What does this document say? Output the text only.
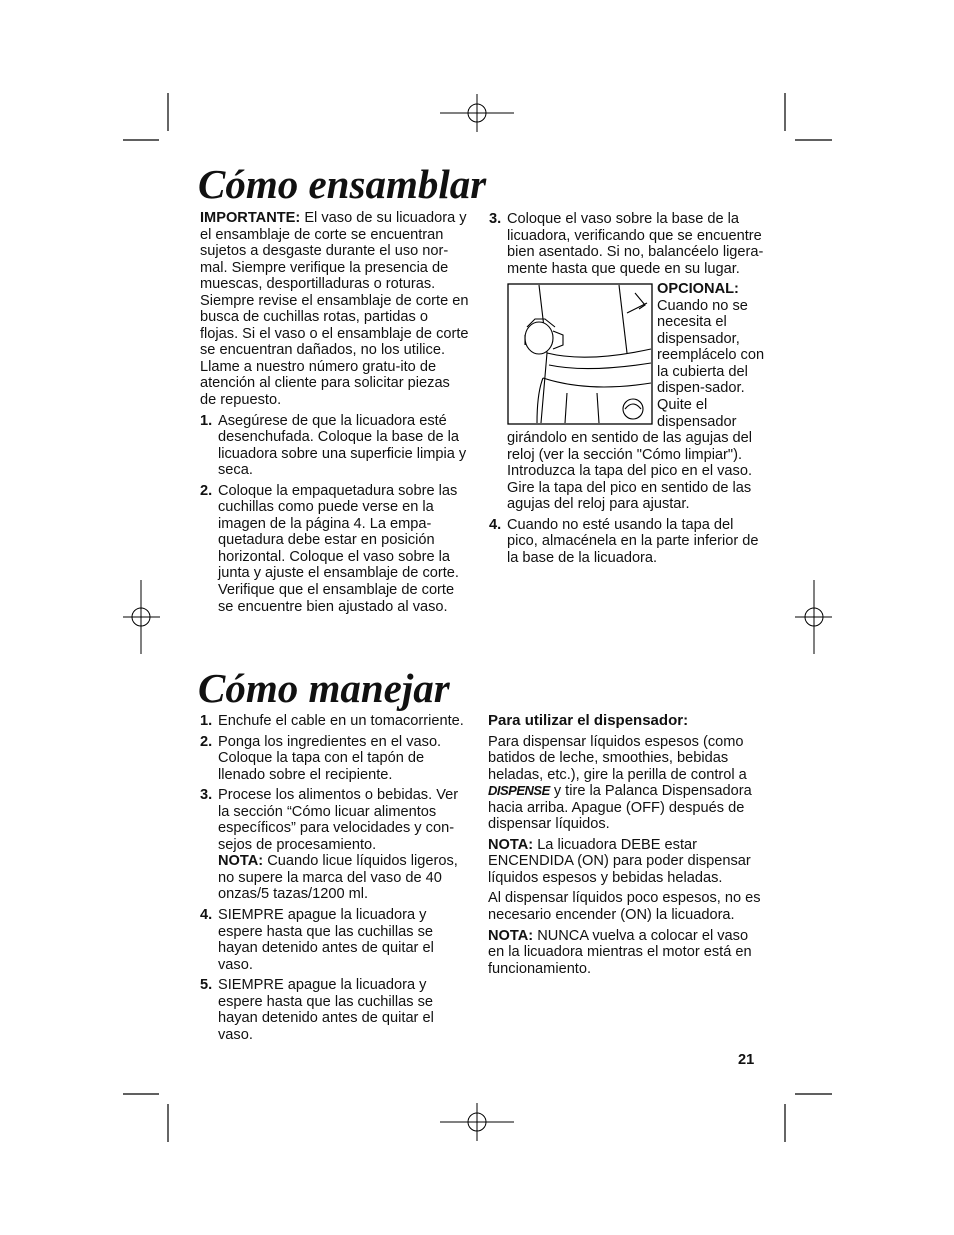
Cómo ensamblar

IMPORTANTE: El vaso de su licuadora y el ensamblaje de corte se encuentran sujetos a desgaste durante el uso nor-mal. Siempre verifique la presencia de muescas, desportilladuras o roturas. Siempre revise el ensamblaje de corte en busca de cuchillas rotas, partidas o flojas. Si el vaso o el ensamblaje de corte se encuentran dañados, no los utilice. Llame a nuestro número gratu-ito de atención al cliente para solicitar piezas de repuesto.

1. Asegúrese de que la licuadora esté desenchufada. Coloque la base de la licuadora sobre una superficie limpia y seca.
2. Coloque la empaquetadura sobre las cuchillas como puede verse en la imagen de la página 4. La empa-quetadura debe estar en posición horizontal. Coloque el vaso sobre la junta y ajuste el ensamblaje de corte. Verifique que el ensamblaje de corte se encuentre bien ajustado al vaso.
3. Coloque el vaso sobre la base de la licuadora, verificando que se encuentre bien asentado. Si no, balancéelo ligera-mente hasta que quede en su lugar.
OPCIONAL: Cuando no se necesita el dispensador, reemplácelo con la cubierta del dispen-sador. Quite el dispensador girándolo en sentido de las agujas del reloj (ver la sección "Cómo limpiar"). Introduzca la tapa del pico en el vaso. Gire la tapa del pico en sentido de las agujas del reloj para ajustar.
4. Cuando no esté usando la tapa del pico, almacénela en la parte inferior de la base de la licuadora.
Cómo manejar
1. Enchufe el cable en un tomacorriente.
2. Ponga los ingredientes en el vaso. Coloque la tapa con el tapón de llenado sobre el recipiente.
3. Procese los alimentos o bebidas. Ver la sección “Cómo licuar alimentos específicos” para velocidades y con-sejos de procesamiento.
NOTA: Cuando licue líquidos ligeros, no supere la marca del vaso de 40 onzas/5 tazas/1200 ml.
4. SIEMPRE apague la licuadora y espere hasta que las cuchillas se hayan detenido antes de quitar el vaso.
5. SIEMPRE apague la licuadora y espere hasta que las cuchillas se hayan detenido antes de quitar el vaso.

Para utilizar el dispensador:

Para dispensar líquidos espesos (como batidos de leche, smoothies, bebidas heladas, etc.), gire la perilla de control a DISPENSE y tire la Palanca Dispensadora hacia arriba. Apague (OFF) después de dispensar líquidos.

NOTA: La licuadora DEBE estar ENCENDIDA (ON) para poder dispensar líquidos espesos y bebidas heladas.

Al dispensar líquidos poco espesos, no es necesario encender (ON) la licuadora.

NOTA: NUNCA vuelva a colocar el vaso en la licuadora mientras el motor está en funcionamiento.

21
